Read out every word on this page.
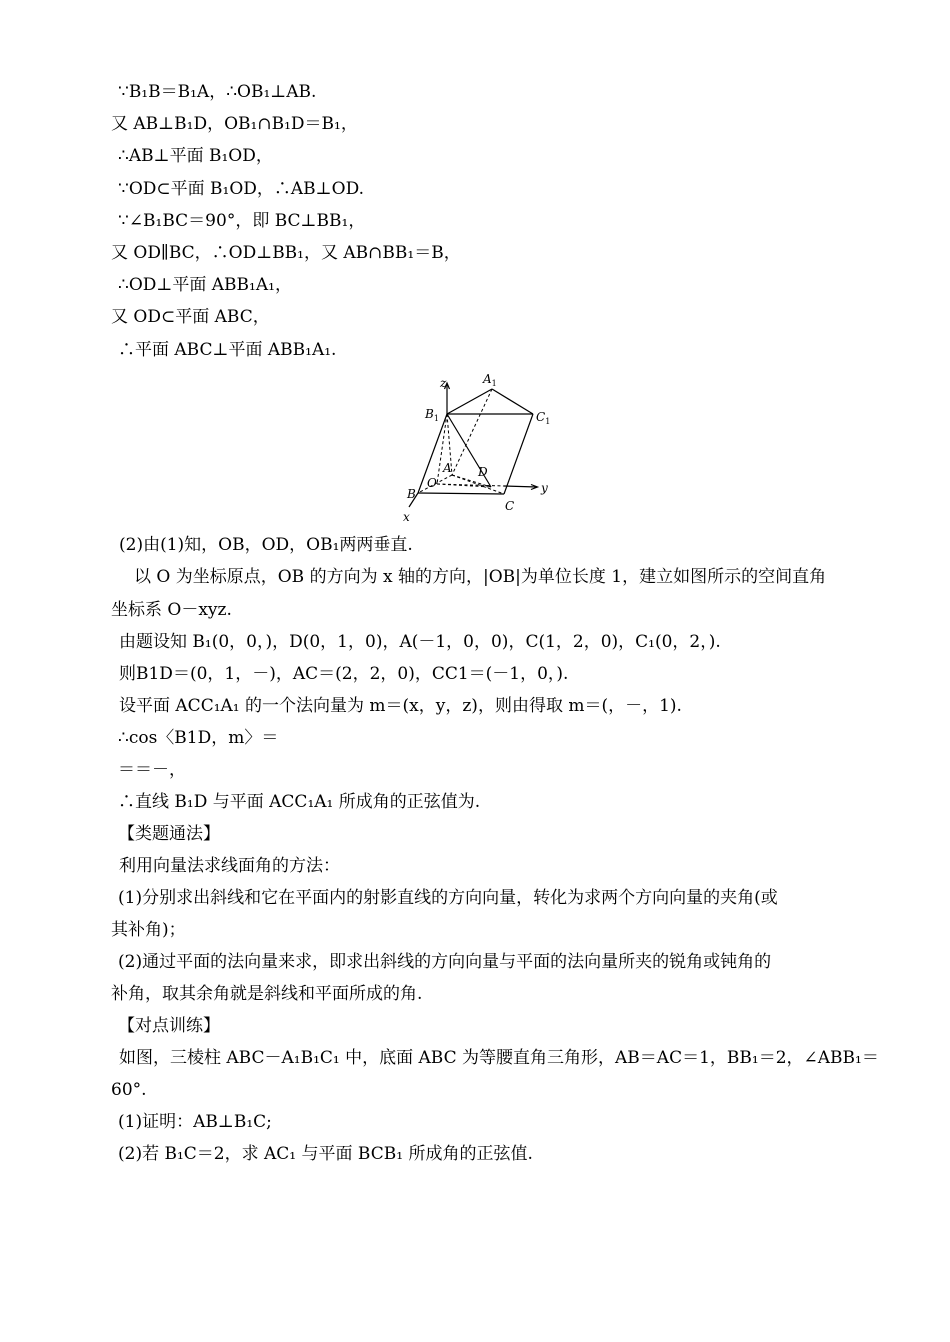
∵B₁B＝B₁A，∴OB₁⊥AB.
又 AB⊥B₁D，OB₁∩B₁D＝B₁，
∴AB⊥平面 B₁OD，
∵OD⊂平面 B₁OD，∴AB⊥OD.
∵∠B₁BC＝90°，即 BC⊥BB₁，
又 OD∥BC，∴OD⊥BB₁，又 AB∩BB₁＝B，
∴OD⊥平面 ABB₁A₁，
又 OD⊂平面 ABC，
∴平面 ABC⊥平面 ABB₁A₁.
z
y
x
$A_1$
$B_1$	$C_1$
A D
O
B
C
(2)由(1)知，OB，OD，OB₁两两垂直.
以 O 为坐标原点，OB 的方向为 x 轴的方向，|OB|为单位长度 1，建立如图所示的空间直角
坐标系 O－xyz.
由题设知 B₁(0，0，)，D(0，1，0)，A(－1，0，0)，C(1，2，0)，C₁(0，2，).
则B1D＝(0，1，－)，AC＝(2，2，0)，CC1＝(－1，0，).
设平面 ACC₁A₁ 的一个法向量为 m＝(x，y，z)，则由得取 m＝(，－，1).
∴cos〈B1D，m〉＝
＝＝－，
∴直线 B₁D 与平面 ACC₁A₁ 所成角的正弦值为.
【类题通法】
利用向量法求线面角的方法：
(1)分别求出斜线和它在平面内的射影直线的方向向量，转化为求两个方向向量的夹角(或
其补角)；
(2)通过平面的法向量来求，即求出斜线的方向向量与平面的法向量所夹的锐角或钝角的
补角，取其余角就是斜线和平面所成的角.
【对点训练】
如图，三棱柱 ABC－A₁B₁C₁ 中，底面 ABC 为等腰直角三角形，AB＝AC＝1，BB₁＝2，∠ABB₁＝
60°.
(1)证明：AB⊥B₁C;
(2)若 B₁C＝2，求 AC₁ 与平面 BCB₁ 所成角的正弦值.
